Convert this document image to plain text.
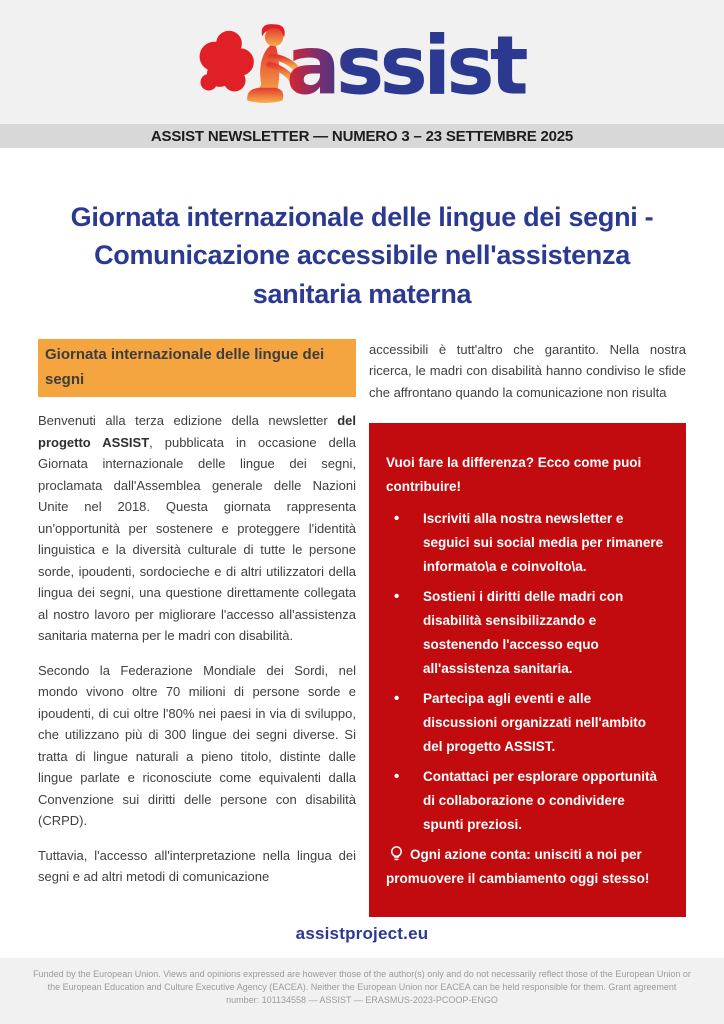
assist
ASSIST NEWSLETTER — NUMERO 3 – 23 SETTEMBRE 2025
Giornata internazionale delle lingue dei segni - Comunicazione accessibile nell'assistenza sanitaria materna
Giornata internazionale delle lingue dei segni

Benvenuti alla terza edizione della newsletter del progetto ASSIST, pubblicata in occasione della Giornata internazionale delle lingue dei segni, proclamata dall'Assemblea generale delle Nazioni Unite nel 2018. Questa giornata rappresenta un'opportunità per sostenere e proteggere l'identità linguistica e la diversità culturale di tutte le persone sorde, ipoudenti, sordocieche e di altri utilizzatori della lingua dei segni, una questione direttamente collegata al nostro lavoro per migliorare l'accesso all'assistenza sanitaria materna per le madri con disabilità.

Secondo la Federazione Mondiale dei Sordi, nel mondo vivono oltre 70 milioni di persone sorde e ipoudenti, di cui oltre l'80% nei paesi in via di sviluppo, che utilizzano più di 300 lingue dei segni diverse. Si tratta di lingue naturali a pieno titolo, distinte dalle lingue parlate e riconosciute come equivalenti dalla Convenzione sui diritti delle persone con disabilità (CRPD).

Tuttavia, l'accesso all'interpretazione nella lingua dei segni e ad altri metodi di comunicazione

accessibili è tutt'altro che garantito. Nella nostra ricerca, le madri con disabilità hanno condiviso le sfide che affrontano quando la comunicazione non risulta

Vuoi fare la differenza? Ecco come puoi contribuire!
• Iscriviti alla nostra newsletter e seguici sui social media per rimanere informato\a e coinvolto\a.
• Sostieni i diritti delle madri con disabilità sensibilizzando e sostenendo l'accesso equo all'assistenza sanitaria.
• Partecipa agli eventi e alle discussioni organizzati nell'ambito del progetto ASSIST.
• Contattaci per esplorare opportunità di collaborazione o condividere spunti preziosi.

Ogni azione conta: unisciti a noi per promuovere il cambiamento oggi stesso!

assistproject.eu

Funded by the European Union. Views and opinions expressed are however those of the author(s) only and do not necessarily reflect those of the European Union or the European Education and Culture Executive Agency (EACEA). Neither the European Union nor EACEA can be held responsible for them. Grant agreement number: 101134558 — ASSIST — ERASMUS-2023-PCOOP-ENGO
